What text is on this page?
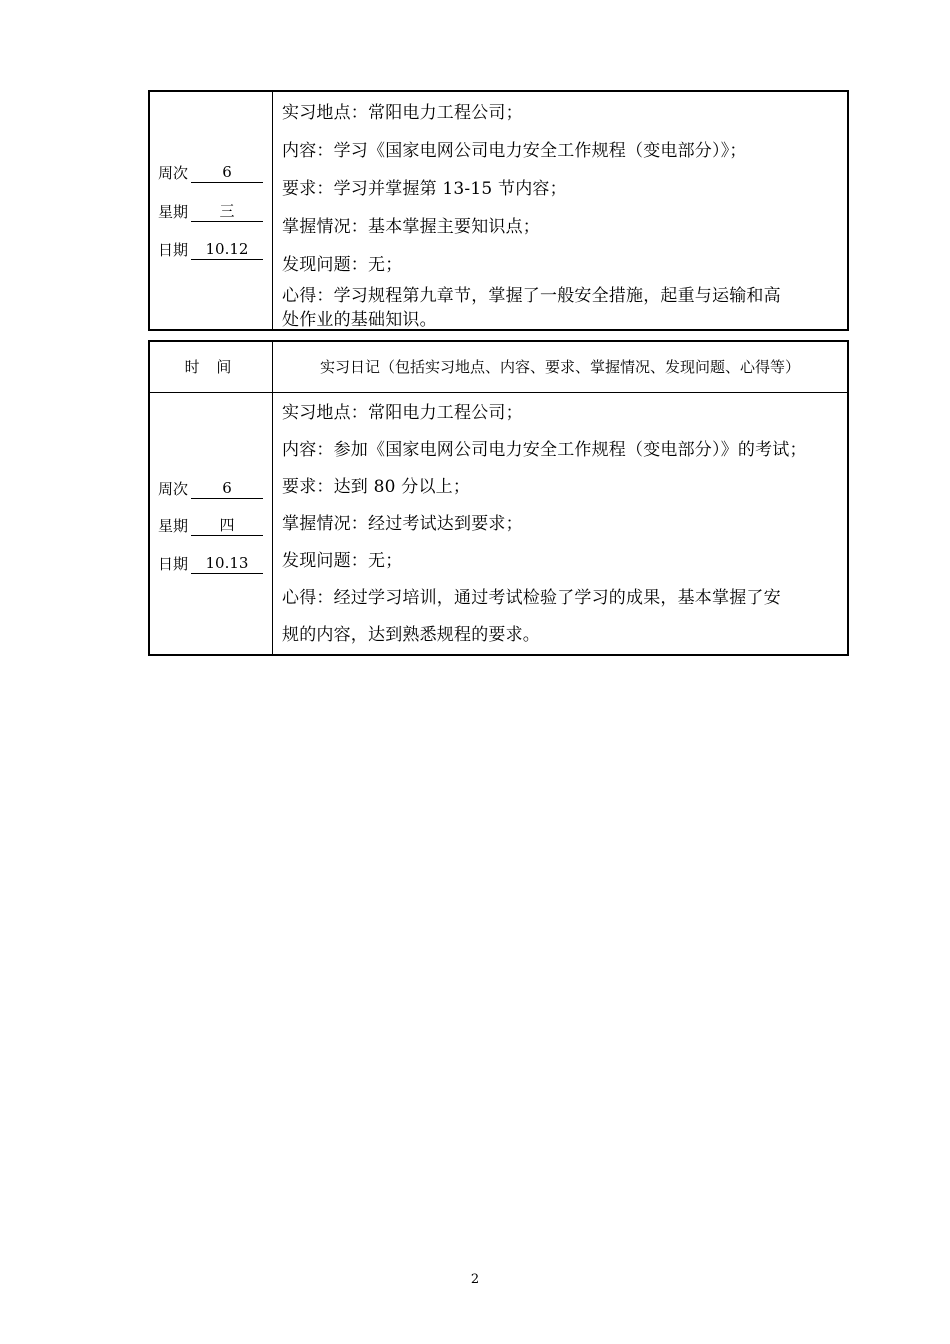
周次	6
星期	三
日期	10.12
实习地点：常阳电力工程公司；
内容：学习《国家电网公司电力安全工作规程（变电部分）》；
要求：学习并掌握第 13-15 节内容；
掌握情况：基本掌握主要知识点；
发现问题：无；
心得：学习规程第九章节，掌握了一般安全措施，起重与运输和高
处作业的基础知识。
时 间	实习日记（包括实习地点、内容、要求、掌握情况、发现问题、心得等）
周次	6
星期	四
日期	10.13
实习地点：常阳电力工程公司；
内容：参加《国家电网公司电力安全工作规程（变电部分）》的考试；
要求：达到 80 分以上；
掌握情况：经过考试达到要求；
发现问题：无；
心得：经过学习培训，通过考试检验了学习的成果，基本掌握了安
规的内容，达到熟悉规程的要求。
2
